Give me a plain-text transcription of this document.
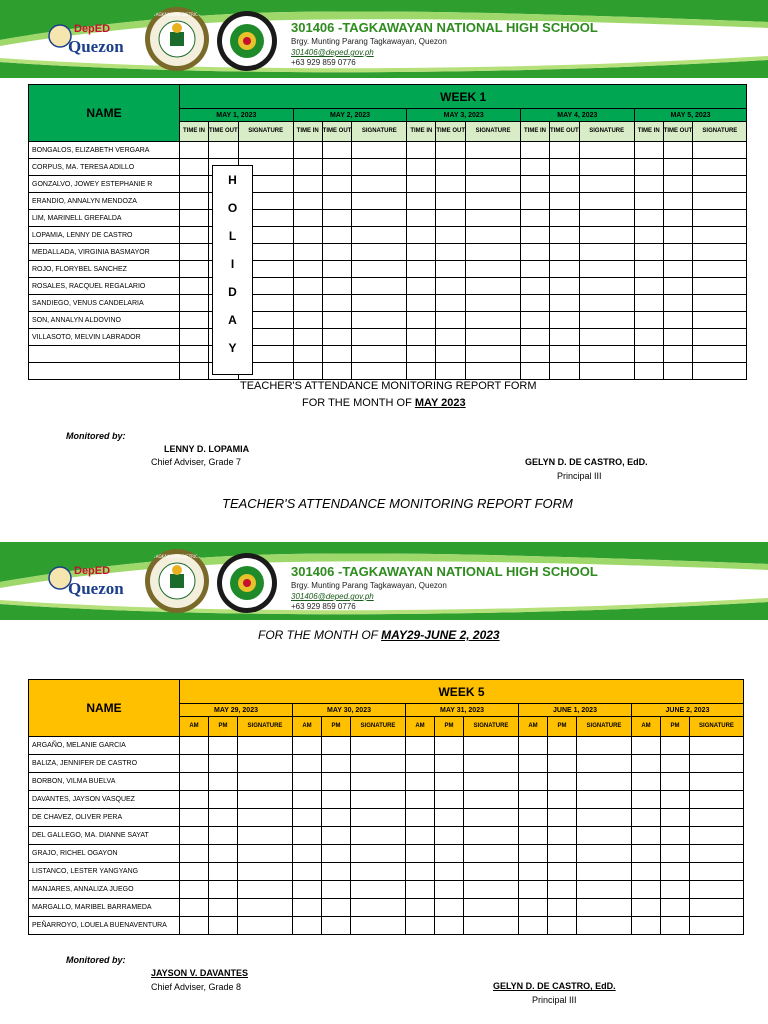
DepED
Quezon
TAGKAWAYAN DISTRICT
301406 -TAGKAWAYAN NATIONAL HIGH SCHOOL
Brgy. Munting Parang Tagkawayan, Quezon
301406@deped.gov.ph
+63 929 859 0776
NAME	WEEK 1														
	MAY 1, 2023			MAY 2, 2023			MAY 3, 2023			MAY 4, 2023			MAY 5, 2023		
	TIME IN	TIME OUT	SIGNATURE	TIME IN	TIME OUT	SIGNATURE	TIME IN	TIME OUT	SIGNATURE	TIME IN	TIME OUT	SIGNATURE	TIME IN	TIME OUT	SIGNATURE
BONGALOS, ELIZABETH VERGARA															
CORPUS, MA. TERESA ADILLO															
GONZALVO, JOWEY ESTEPHANIE R															
ERANDIO, ANNALYN MENDOZA															
LIM, MARINELL GREFALDA															
LOPAMIA, LENNY DE CASTRO															
MEDALLADA, VIRGINIA BASMAYOR															
ROJO, FLORYBEL SANCHEZ															
ROSALES, RACQUEL REGALARIO															
SANDIEGO, VENUS CANDELARIA															
SON, ANNALYN ALDOVINO															
VILLASOTO, MELVIN LABRADOR															

H
O
L
I
D
A
Y
TEACHER'S ATTENDANCE MONITORING REPORT FORM
FOR THE MONTH OF MAY 2023
Monitored by:
LENNY D. LOPAMIA
Chief Adviser, Grade 7	GELYN D. DE CASTRO, EdD.
Principal III
TEACHER'S ATTENDANCE MONITORING REPORT FORM
DepED
Quezon
TAGKAWAYAN DISTRICT
301406 -TAGKAWAYAN NATIONAL HIGH SCHOOL
Brgy. Munting Parang Tagkawayan, Quezon
301406@deped.gov.ph
+63 929 859 0776
FOR THE MONTH OF MAY29-JUNE 2, 2023
NAME	WEEK 5														
	MAY 29, 2023			MAY 30, 2023			MAY 31, 2023			JUNE 1, 2023			JUNE 2, 2023		
	AM	PM	SIGNATURE	AM	PM	SIGNATURE	AM	PM	SIGNATURE	AM	PM	SIGNATURE	AM	PM	SIGNATURE
ARGAÑO, MELANIE GARCIA															
BALIZA, JENNIFER DE CASTRO															
BORBON, VILMA BUELVA															
DAVANTES, JAYSON VASQUEZ															
DE CHAVEZ, OLIVER PERA															
DEL GALLEGO, MA. DIANNE SAYAT															
GRAJO, RICHEL OGAYON															
LISTANCO, LESTER YANGYANG															
MANJARES, ANNALIZA JUEGO															
MARGALLO, MARIBEL BARRAMEDA															
PEÑARROYO, LOUELA BUENAVENTURA															
Monitored by:
JAYSON V. DAVANTES
Chief Adviser, Grade 8	GELYN D. DE CASTRO, EdD.
Principal III
